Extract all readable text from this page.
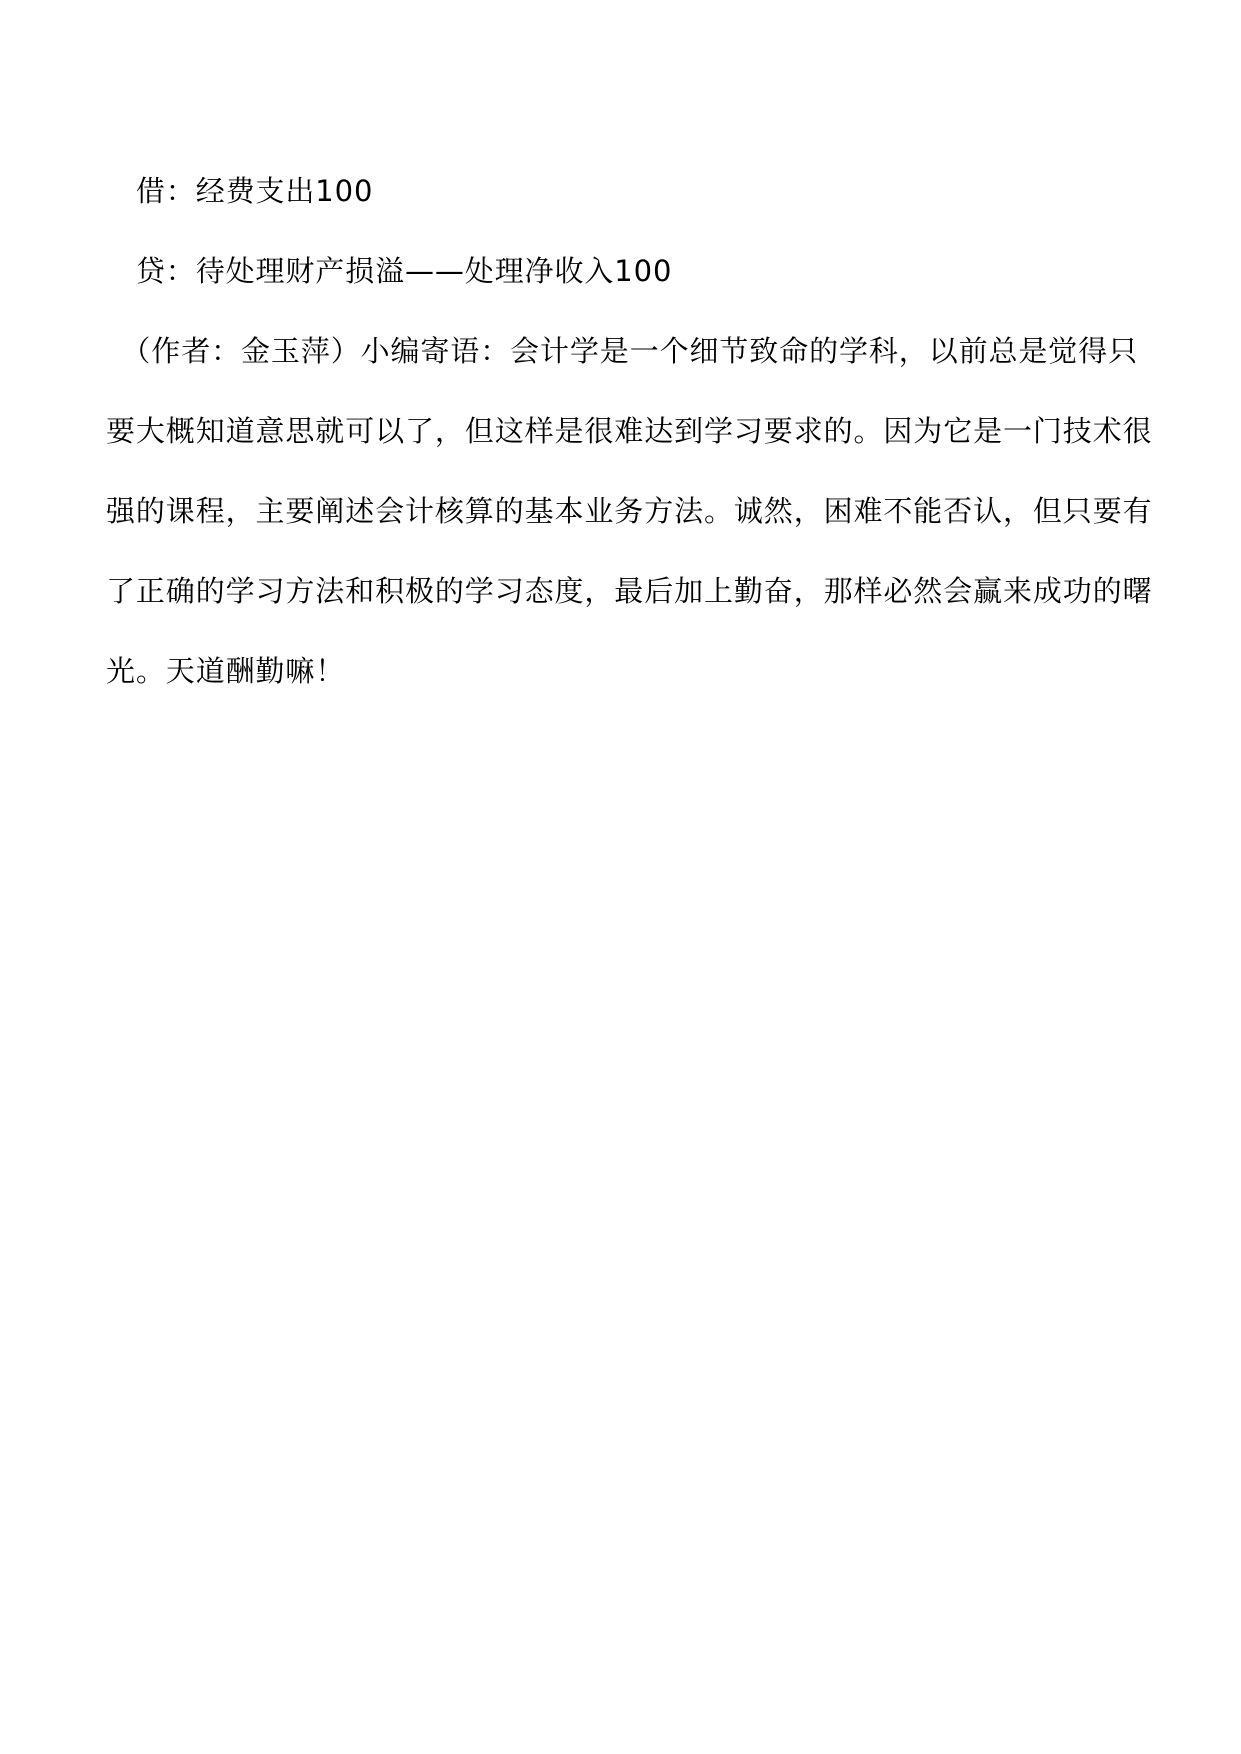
　借：经费支出100
　贷：待处理财产损溢——处理净收入100
　（作者：金玉萍）小编寄语：会计学是一个细节致命的学科，以前总是觉得只
要大概知道意思就可以了，但这样是很难达到学习要求的。因为它是一门技术很
强的课程，主要阐述会计核算的基本业务方法。诚然，困难不能否认，但只要有
了正确的学习方法和积极的学习态度，最后加上勤奋，那样必然会赢来成功的曙
光。天道酬勤嘛！
